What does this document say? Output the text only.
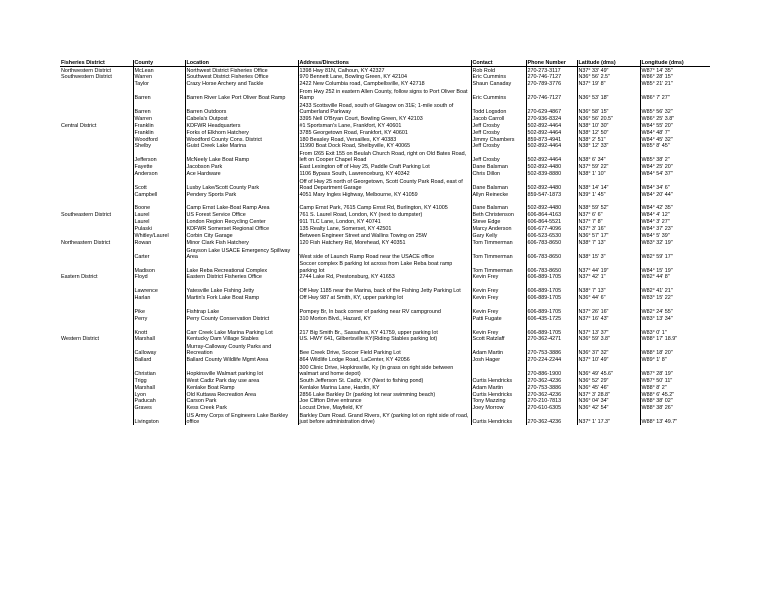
Fisheries District	County	Location	Address/Directions	Contact	Phone Number	Latitude (dms)	Longitude (dms)
Northwestern District	McLean	Northwest District Fisheries Office	1398 Hwy 81N, Calhoun, KY 42327	Rob Rold	270-273-3117	N37° 33' 49"	W87° 14' 35"
Southwestern District	Warren	Southwest District Fisheries Office	970 Bennett Lane, Bowling Green, KY 42104	Eric Cummins	270-746-7127	N36° 56' 2.5"	W86° 28' 15"
	Taylor	Crazy Horse Archery and Tackle	2422 New Columbia road, Campbellsville, KY 42718	Shaun Canaday	270-789-3776	N37° 19' 8"	W85° 21' 21"
	Barren	Barren River Lake Port Oliver Boat Ramp	From Hwy 252 in eastern Allen County, follow signs to Port Oliver Boat Ramp	Eric Cummins	270-746-7127	N36° 53' 18"	W86° 7' 27"
	Barren	Barren Outdoors	2433 Scottsville Road, south of Glasgow on 31E; 1-mile south of Cumberland Parkway	Todd Logsdon	270-629-4867	N36° 58' 15"	W85° 56' 32"
	Warren	Cabela's Outpost	3395 Nell O'Bryan Court, Bowling Green, KY 42103	Jacob Carroll	270-936-8324	N36° 56' 20.5"	W86° 25' 3.8"
Central District	Franklin	KDFWR Headquarters	#1 Sportsman's Lane, Frankfort, KY 40601	Jeff Crosby	502-892-4464	N38° 10' 30"	W84° 55' 20"
	Franklin	Forks of Elkhorn Hatchery	3785 Georgetown Road, Frankfort, KY 40601	Jeff Crosby	502-892-4464	N38° 12' 50"	W84° 48' 7"
	Woodford	Woodford County Cons. District	180 Beasley Road, Versailles, KY 40383	Jimmy Chambers	859-873-4941	N38° 2' 51"	W84° 45' 32"
	Shelby	Guist Creek Lake Marina	11990 Boat Dock Road, Shelbyville, KY 40065	Jeff Crosby	502-892-4464	N38° 12' 33"	W85° 8' 45"
	Jefferson	McNeely Lake Boat Ramp	From I265 Exit 155 on Beulah Church Road, right on Old Bates Road, left on Cooper Chapel Road	Jeff Crosby	502-892-4464	N38° 6' 34"	W85° 38' 2"
	Fayette	Jacobson Park	East Lexington off of Hwy 25, Paddle Craft Parking Lot	Dane Balsman	502-892-4480	N37° 59' 22"	W84° 25' 20"
	Anderson	Ace Hardware	1106 Bypass South, Lawrenceburg, KY 40342	Chris Dillon	502-839-8880	N38° 1' 10"	W84° 54' 37"
	Scott	Lusby Lake/Scott County Park	Off of Hwy 25 north of Georgetown, Scott County Park Road, east of Road Department Garage	Dane Balsman	502-892-4480	N38° 14' 14"	W84° 34' 6"
	Campbell	Pendery Sports Park	4051 Mary Ingles Highway, Melbourne, KY 41059	Allyn Reinecke	859-547-1873	N39° 1' 45"	W84° 20' 44"
	Boone	Camp Ernst Lake-Boat Ramp Area	Camp Ernst Park, 7615 Camp Ernst Rd, Burlington, KY 41005	Dane Balsman	502-892-4480	N38° 59' 52"	W84° 42' 35"
Southeastern District	Laurel	US Forest Service Office	761 S. Laurel Road, London, KY (next to dumpster)	Beth Christenson	606-864-4163	N37° 6' 6"	W84° 4' 12"
	Laurel	London Region Recycling Center	911 TLC Lane, London, KY 40741	Steve Edge	606-864-5521	N37° 7' 8"	W84° 3' 27"
	Pulaski	KDFWR Somerset Regional Office	135 Realty Lane, Somerset, KY 42501	Marcy Anderson	606-677-4096	N37° 3' 16"	W84° 37' 23"
	Whitley/Laurel	Corbin City Garage	Between Engineer Street and Wallins Towing on 25W	Gary Kelly	606-523-6530	N36° 57' 17"	W84° 5' 39"
Northeastern District	Rowan	Minor Clark Fish Hatchery	120 Fish Hatchery Rd, Morehead, KY 40351	Tom Timmerman	606-783-8650	N38° 7' 13"	W83° 32' 19"
	Carter	Grayson Lake USACE Emergency Spillway Area	West side of Launch Ramp Road near the USACE office	Tom Timmerman	606-783-8650	N38° 15' 3"	W82° 59' 17"
	Madison	Lake Reba Recreational Complex	Soccer complex B parking lot across from Lake Reba boat ramp parking lot	Tom Timmerman	606-783-8650	N37° 44' 19"	W84° 15' 19"
Eastern District	Floyd	Eastern District Fisheries Office	2744 Lake Rd, Prestonsburg, KY 41653	Kevin Frey	606-889-1705	N37° 42' 1"	W82° 44' 8"
	Lawrence	Yatesville Lake Fishing Jetty	Off Hwy 1185 near the Marina, back of the Fishing Jetty Parking Lot	Kevin Frey	606-889-1705	N38° 7' 13"	W82° 41' 21"
	Harlan	Martin's Fork Lake Boat Ramp	Off Hwy 987 at Smith, KY, upper parking lot	Kevin Frey	606-889-1705	N36° 44' 6"	W83° 15' 22"

	Pike	Fishtrap Lake	Pompey Br, In back corner of parking near RV campground	Kevin Frey	606-889-1705	N37° 26' 16"	W82° 24' 55"
	Perry	Perry County Conservation District	310 Morton Blvd., Hazard, KY	Patti Fugate	606-435-1725	N37° 16' 43"	W83° 13' 34"

	Knott	Carr Creek Lake Marina Parking Lot	217 Big Smith Br., Sassafras, KY 41759, upper parking lot	Kevin Frey	606-889-1705	N37° 13' 37"	W83° 0' 1"
Western District	Marshall	Kentucky Dam Village Stables	US. HWY 641, Gilbertsville KY(Riding Stables parking lot)	Scott Ratzlaff	270-362-4271	N36° 59' 3.8"	W88° 17' 18.9"
	Calloway	Murray-Calloway County Parks and Recreation	Bee Creek Drive, Soccer Field Parking Lot	Adam Martin	270-753-3886	N36° 37' 32"	W88° 18' 20"
	Ballard	Ballard County Wildlife Mgmt Area	864 Wildlife Lodge Road, LaCenter, KY 42056	Josh Hager	270-224-2244	N37° 10' 49"	W89° 1' 8"
	Christian	Hopkinsville Walmart parking lot	300 Clinic Drive, Hopkinsville, Ky (in grass on right side between walmart and home depot)		270-886-1900	N36° 49' 45.6"	W87° 28' 19"
	Trigg	West Cadiz Park day use area	South Jefferson St. Cadiz, KY (Next to fishing pond)	Curtis Hendricks	270-362-4236	N36° 52' 29"	W87° 50' 11"
	Marshall	Kenlake Boat Ramp	Kenlake Marina Lane, Hardin, KY	Adam Martin	270-753-3886	N36° 45' 46"	W88° 8' 2"
	Lyon	Old Kuttawa Recreation Area	2856 Lake Barkley Dr (parking lot near swimming beach)	Curtis Hendricks	270-362-4236	N37° 3' 28.8"	W88° 6' 45.2"
	Paducah	Carson Park	Joe Clifton Drive entrance	Tony Mazzing	270-210-7813	N36° 04' 34"	W88° 38' 02"
	Graves	Kess Creek Park	Locust Drive, Mayfield, KY	Joey Morrow	270-610-6305	N36° 42' 54"	W88° 38' 26"
	Livingston	US Army Corps of Engineers Lake Barkley office	Barkley Dam Road. Grand Rivers, KY (parking lot on right side of road, just before administration drive)	Curtis Hendricks	270-362-4236	N37° 1' 17.3"	W88° 13' 49.7"
